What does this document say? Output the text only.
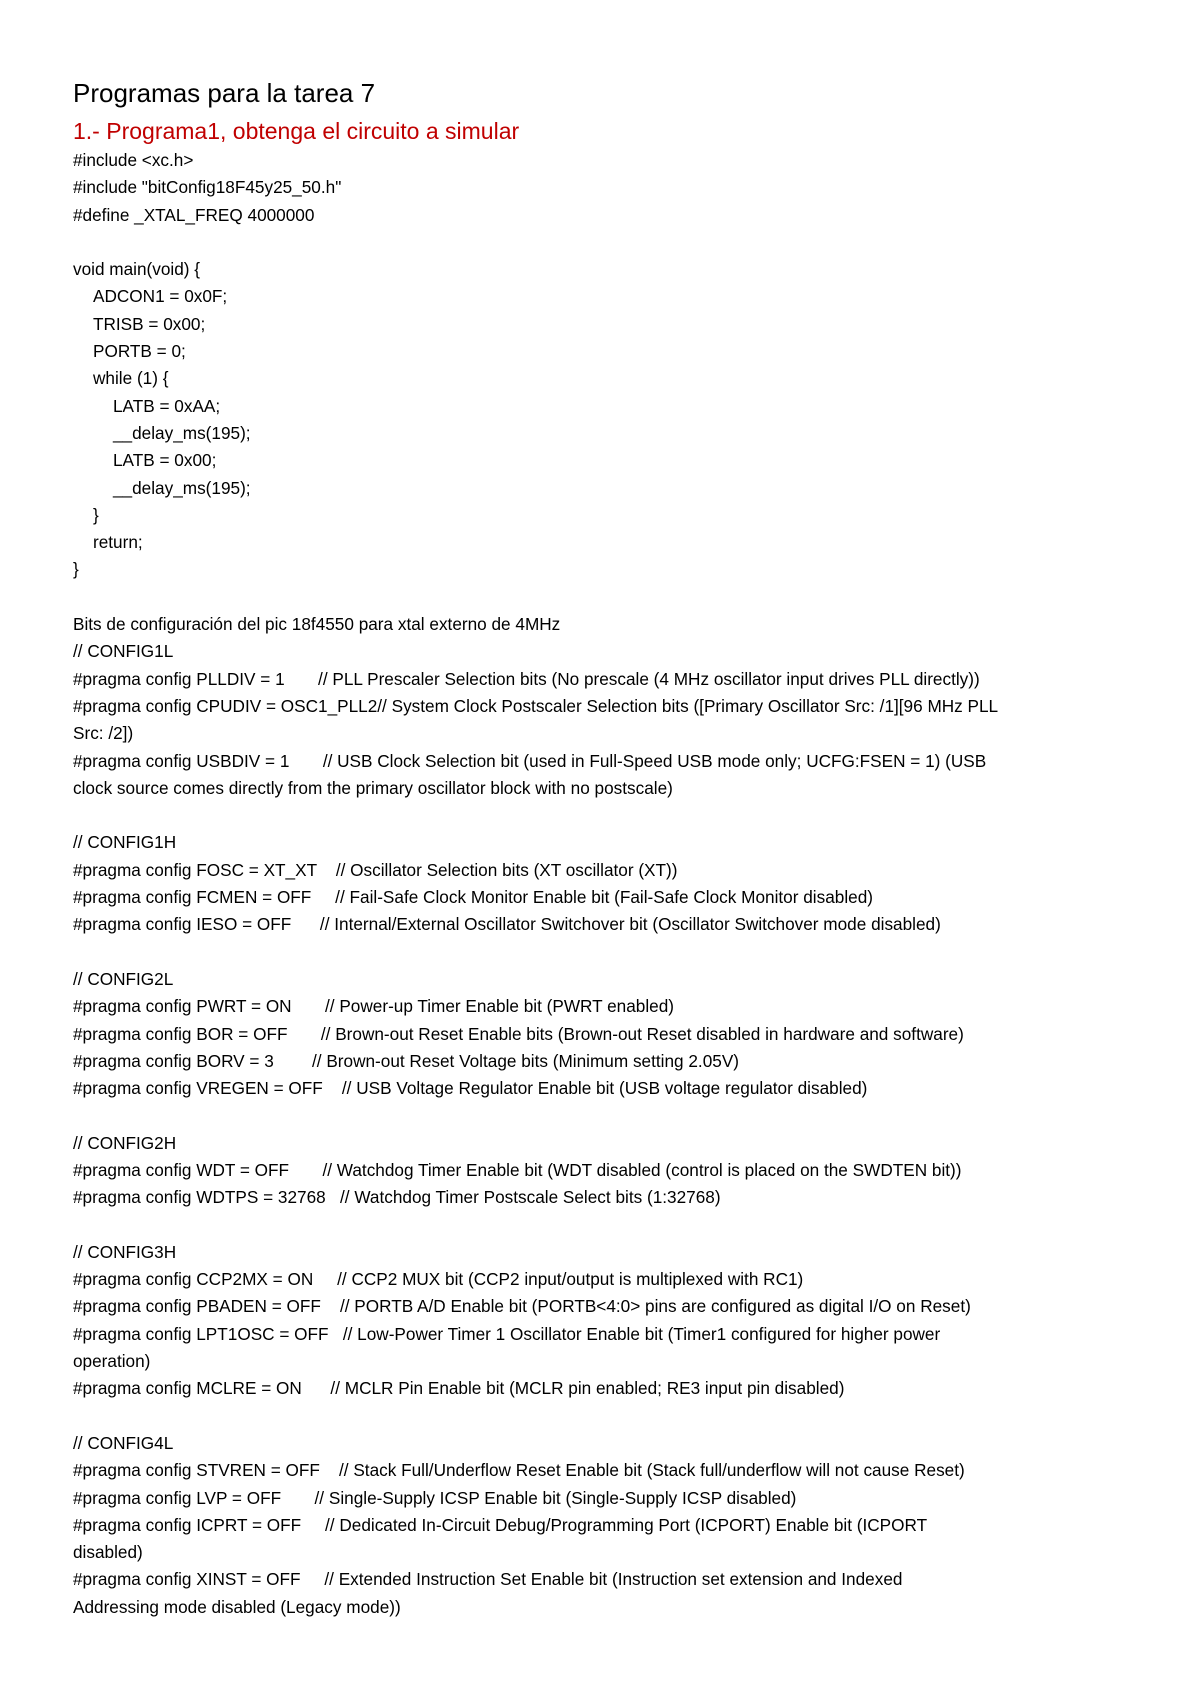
Programas para la tarea 7
1.- Programa1, obtenga el circuito a simular
#include <xc.h>
#include "bitConfig18F45y25_50.h"
#define _XTAL_FREQ 4000000
void main(void) {
ADCON1 = 0x0F;
TRISB = 0x00;
PORTB = 0;
while (1) {
LATB = 0xAA;
__delay_ms(195);
LATB = 0x00;
__delay_ms(195);
}
return;
}
Bits de configuración del pic 18f4550 para xtal externo de 4MHz
// CONFIG1L
#pragma config PLLDIV = 1       // PLL Prescaler Selection bits (No prescale (4 MHz oscillator input drives PLL directly))
#pragma config CPUDIV = OSC1_PLL2// System Clock Postscaler Selection bits ([Primary Oscillator Src: /1][96 MHz PLL
Src: /2])
#pragma config USBDIV = 1       // USB Clock Selection bit (used in Full-Speed USB mode only; UCFG:FSEN = 1) (USB
clock source comes directly from the primary oscillator block with no postscale)
// CONFIG1H
#pragma config FOSC = XT_XT    // Oscillator Selection bits (XT oscillator (XT))
#pragma config FCMEN = OFF     // Fail-Safe Clock Monitor Enable bit (Fail-Safe Clock Monitor disabled)
#pragma config IESO = OFF      // Internal/External Oscillator Switchover bit (Oscillator Switchover mode disabled)
// CONFIG2L
#pragma config PWRT = ON       // Power-up Timer Enable bit (PWRT enabled)
#pragma config BOR = OFF       // Brown-out Reset Enable bits (Brown-out Reset disabled in hardware and software)
#pragma config BORV = 3        // Brown-out Reset Voltage bits (Minimum setting 2.05V)
#pragma config VREGEN = OFF    // USB Voltage Regulator Enable bit (USB voltage regulator disabled)
// CONFIG2H
#pragma config WDT = OFF       // Watchdog Timer Enable bit (WDT disabled (control is placed on the SWDTEN bit))
#pragma config WDTPS = 32768   // Watchdog Timer Postscale Select bits (1:32768)
// CONFIG3H
#pragma config CCP2MX = ON     // CCP2 MUX bit (CCP2 input/output is multiplexed with RC1)
#pragma config PBADEN = OFF    // PORTB A/D Enable bit (PORTB<4:0> pins are configured as digital I/O on Reset)
#pragma config LPT1OSC = OFF   // Low-Power Timer 1 Oscillator Enable bit (Timer1 configured for higher power
operation)
#pragma config MCLRE = ON      // MCLR Pin Enable bit (MCLR pin enabled; RE3 input pin disabled)
// CONFIG4L
#pragma config STVREN = OFF    // Stack Full/Underflow Reset Enable bit (Stack full/underflow will not cause Reset)
#pragma config LVP = OFF       // Single-Supply ICSP Enable bit (Single-Supply ICSP disabled)
#pragma config ICPRT = OFF     // Dedicated In-Circuit Debug/Programming Port (ICPORT) Enable bit (ICPORT
disabled)
#pragma config XINST = OFF     // Extended Instruction Set Enable bit (Instruction set extension and Indexed
Addressing mode disabled (Legacy mode))
